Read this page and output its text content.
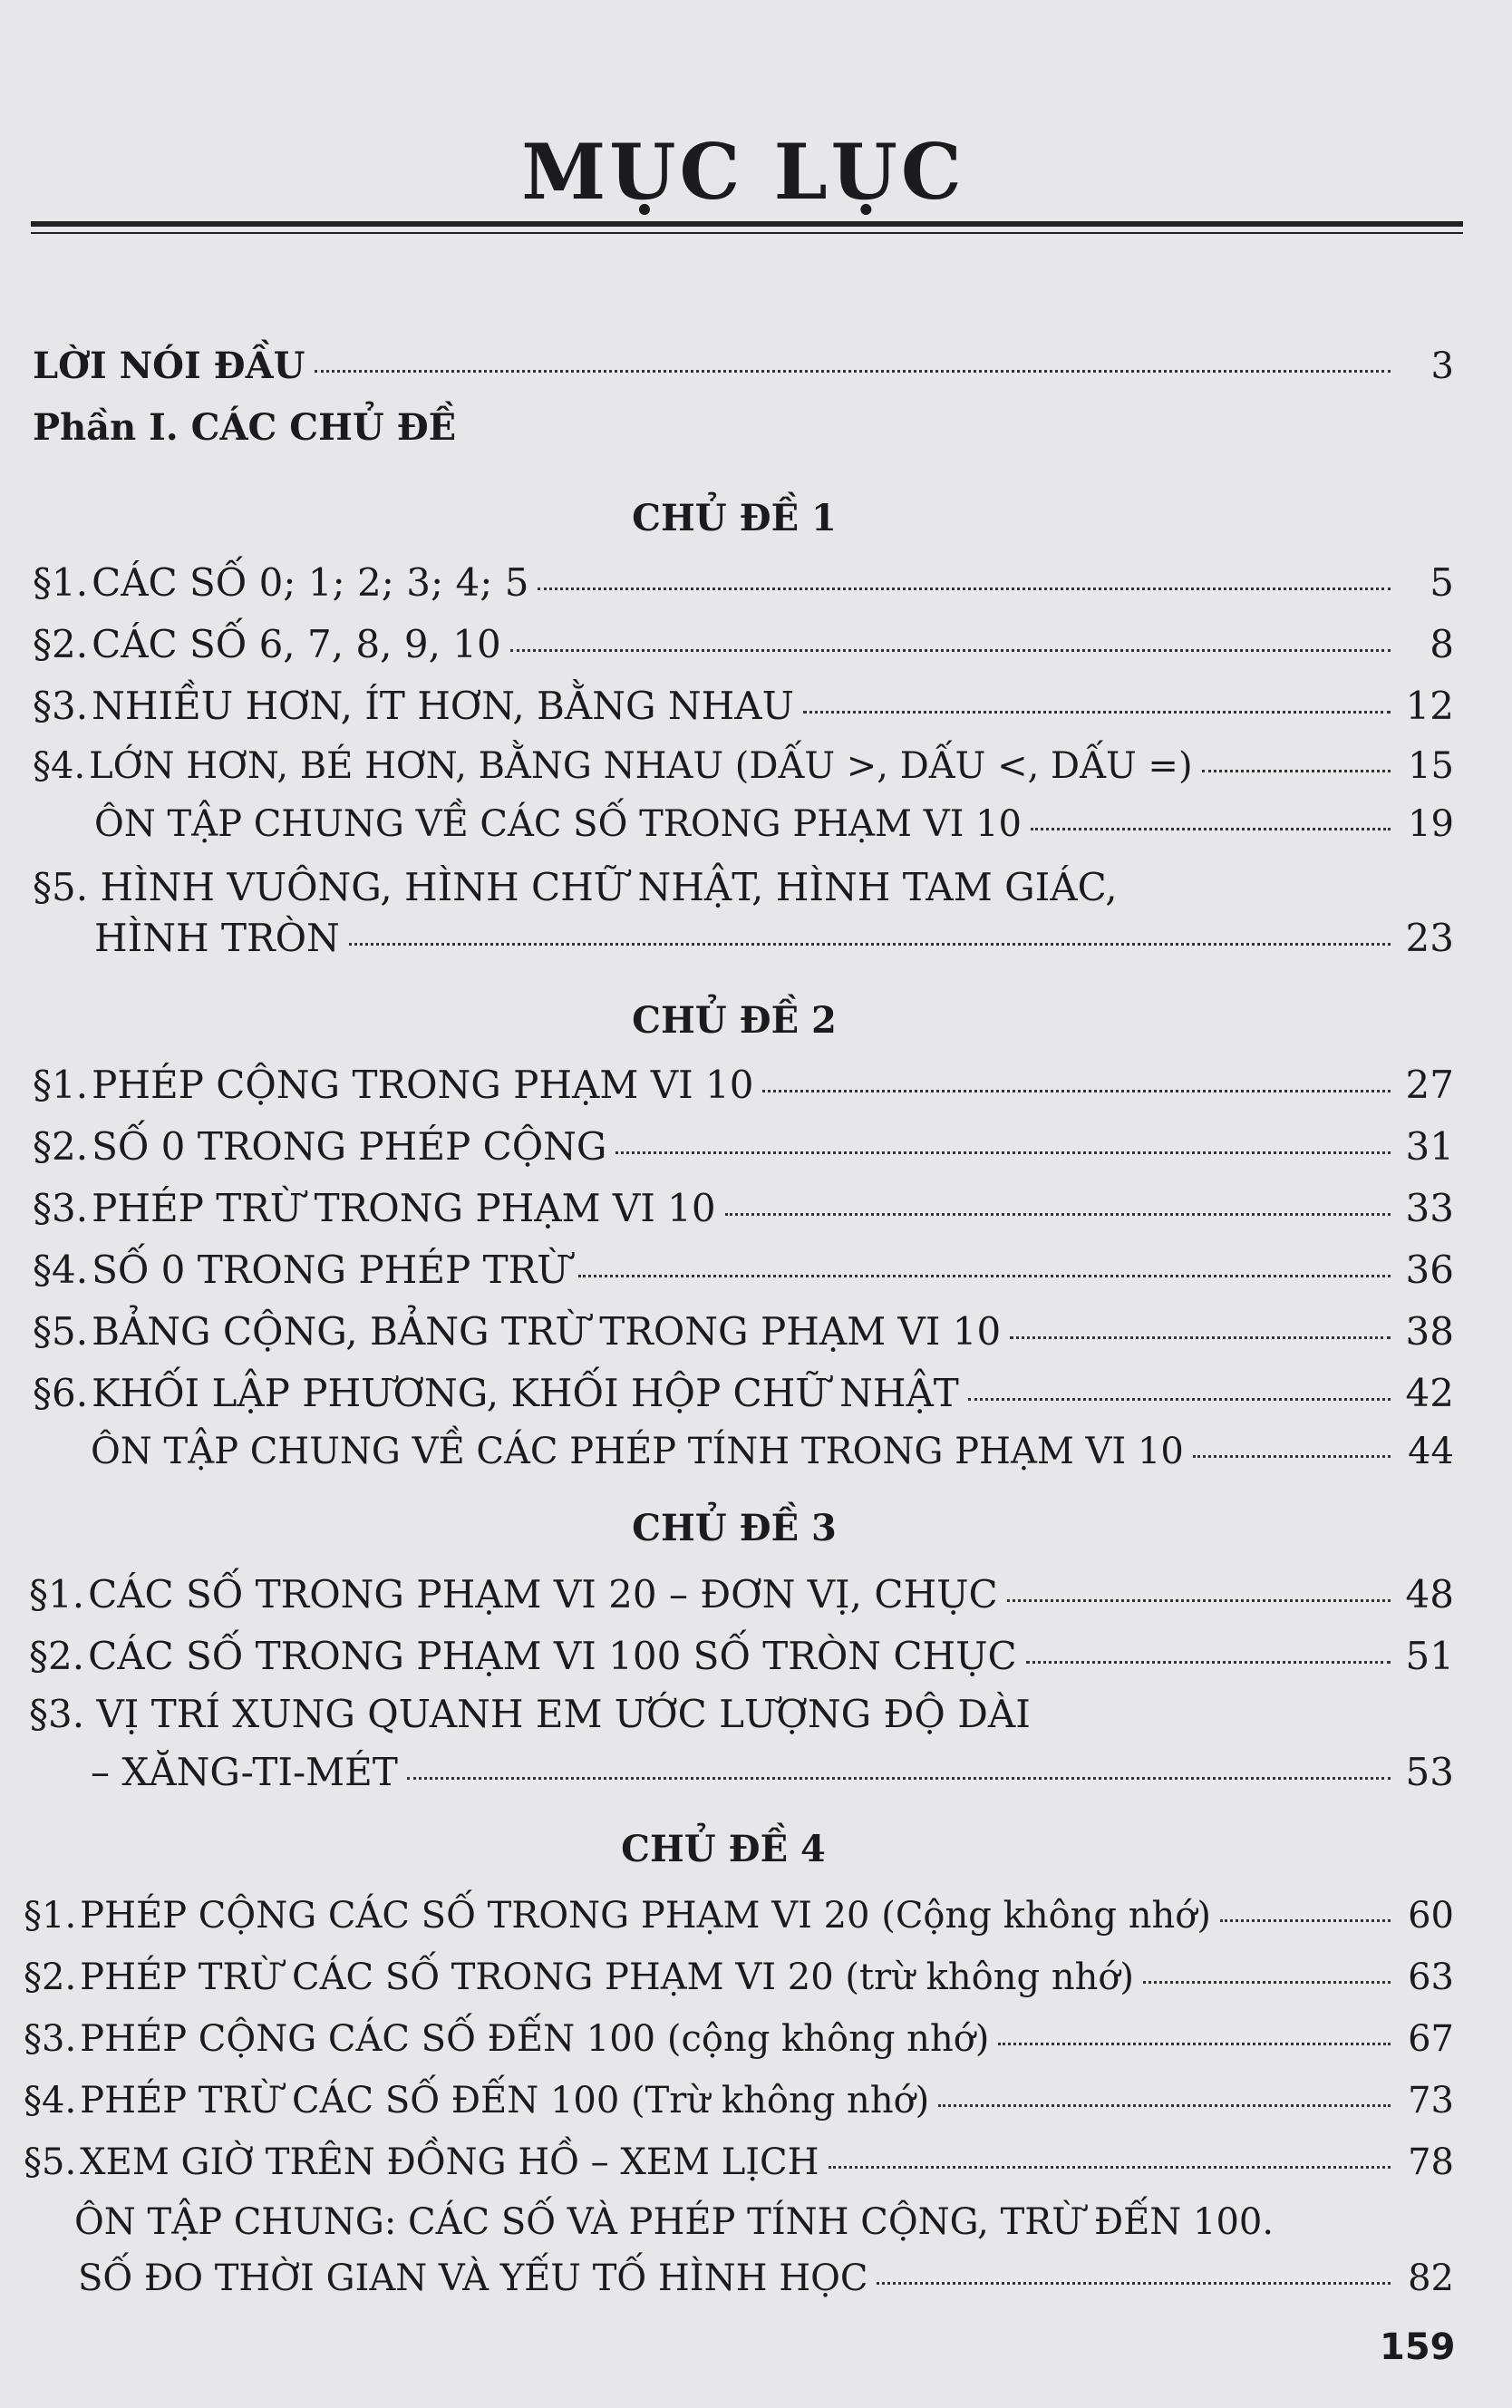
MỤC LỤC
LỜI NÓI ĐẦU	3
Phần I. CÁC CHỦ ĐỀ
CHỦ ĐỀ 1
§1. CÁC SỐ 0; 1; 2; 3; 4; 5	5
§2. CÁC SỐ 6, 7, 8, 9, 10	8
§3. NHIỀU HƠN, ÍT HƠN, BẰNG NHAU	12
§4. LỚN HƠN, BÉ HƠN, BẰNG NHAU (DẤU >, DẤU <, DẤU =)	15
ÔN TẬP CHUNG VỀ CÁC SỐ TRONG PHẠM VI 10	19
§5. HÌNH VUÔNG, HÌNH CHỮ NHẬT, HÌNH TAM GIÁC,
HÌNH TRÒN	23
CHỦ ĐỀ 2
§1. PHÉP CỘNG TRONG PHẠM VI 10	27
§2. SỐ 0 TRONG PHÉP CỘNG	31
§3. PHÉP TRỪ TRONG PHẠM VI 10	33
§4. SỐ 0 TRONG PHÉP TRỪ	36
§5. BẢNG CỘNG, BẢNG TRỪ TRONG PHẠM VI 10	38
§6. KHỐI LẬP PHƯƠNG, KHỐI HỘP CHỮ NHẬT	42
ÔN TẬP CHUNG VỀ CÁC PHÉP TÍNH TRONG PHẠM VI 10	44
CHỦ ĐỀ 3
§1. CÁC SỐ TRONG PHẠM VI 20 – ĐƠN VỊ, CHỤC	48
§2. CÁC SỐ TRONG PHẠM VI 100 SỐ TRÒN CHỤC	51
§3. VỊ TRÍ XUNG QUANH EM ƯỚC LƯỢNG ĐỘ DÀI
– XĂNG-TI-MÉT	53
CHỦ ĐỀ 4
§1. PHÉP CỘNG CÁC SỐ TRONG PHẠM VI 20 (Cộng không nhớ)	60
§2. PHÉP TRỪ CÁC SỐ TRONG PHẠM VI 20 (trừ không nhớ)	63
§3. PHÉP CỘNG CÁC SỐ ĐẾN 100 (cộng không nhớ)	67
§4. PHÉP TRỪ CÁC SỐ ĐẾN 100 (Trừ không nhớ)	73
§5. XEM GIỜ TRÊN ĐỒNG HỒ – XEM LỊCH	78
ÔN TẬP CHUNG: CÁC SỐ VÀ PHÉP TÍNH CỘNG, TRỪ ĐẾN 100.
SỐ ĐO THỜI GIAN VÀ YẾU TỐ HÌNH HỌC	82
159
